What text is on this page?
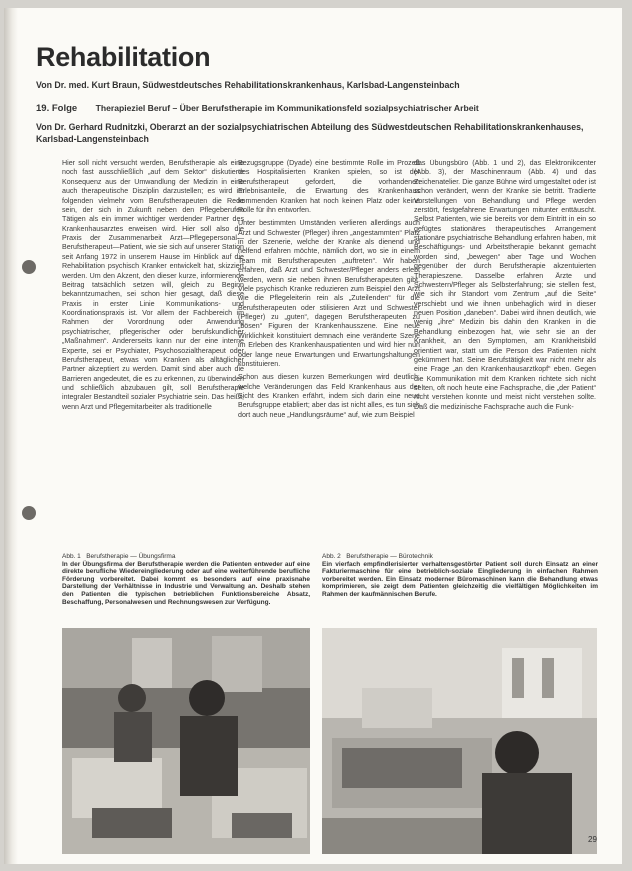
Rehabilitation
Von Dr. med. Kurt Braun, Südwestdeutsches Rehabilitationskrankenhaus, Karlsbad-Langensteinbach
19. Folge Therapieziel Beruf – Über Berufstherapie im Kommunikationsfeld sozialpsychiatrischer Arbeit
Von Dr. Gerhard Rudnitzki, Oberarzt an der sozialpsychiatrischen Abteilung des Südwestdeutschen Rehabilitationskrankenhauses, Karlsbad-Langensteinbach

Hier soll nicht versucht werden, Berufstherapie als eine noch fast ausschließlich „auf dem Sektor“ diskutierte Konsequenz aus der Umwandlung der Medizin in eine auch therapeutische Disziplin darzustellen; es wird im folgenden vielmehr vom Berufstherapeuten die Rede sein, der sich in Zukunft neben den Pflegeberufen Tätigen als ein immer wichtiger werdender Partner des Krankenhausarztes erweisen wird. Hier soll also die Praxis der Zusammenarbeit Arzt—Pflegepersonal—Berufstherapeut—Patient, wie sie sich auf unserer Station seit Anfang 1972 in unserem Hause im Hinblick auf die Rehabilitation psychisch Kranker entwickelt hat, skizziert werden. Um den Akzent, den dieser kurze, informierende Beitrag tatsächlich setzen will, gleich zu Beginn bekanntzumachen, sei schon hier gesagt, daß diese Praxis in erster Linie Kommunikations- und Koordinationspraxis ist. Vor allem der Fachbereich im Rahmen der Vorordnung oder Anwendung psychiatrischer, pflegerischer oder berufskundlicher „Maßnahmen“. Andererseits kann nur der eine interne Experte, sei er Psychiater, Psychosozialtherapeut oder Berufstherapeut, etwas vom Kranken als alltäglicher Partner akzeptiert zu werden. Damit sind aber auch die Barrieren angedeutet, die es zu erkennen, zu überwinden und schließlich abzubauen gilt, soll Berufstherapie integraler Bestandteil sozialer Psychiatrie sein. Das heißt, wenn Arzt und Pflegemitarbeiter als traditionelle

Bezugsgruppe (Dyade) eine bestimmte Rolle im Prozeß des Hospitalisierten Kranken spielen, so ist der Berufstherapeut gefordert, die vorhandenen Erlebnisanteile, die Erwartung des Krankenhaus kommenden Kranken hat noch keinen Platz oder keine Rolle für ihn entworfen.

Unter bestimmten Umständen verlieren allerdings auch Arzt und Schwester (Pfleger) ihren „angestammten“ Platz in der Szenerie, welche der Kranke als dienend und helfend erfahren möchte, nämlich dort, wo sie in einem Team mit Berufstherapeuten „auftreten“. Wir haben erfahren, daß Arzt und Schwester/Pfleger anders erlebt werden, wenn sie neben ihnen Berufstherapeuten gibt. Viele psychisch Kranke reduzieren zum Beispiel den Arzt wie die Pflegeleiterin rein als „Zuteilenden“ für die Berufstherapeuten oder stilisieren Arzt und Schwester (Pfleger) zu „guten“, dagegen Berufstherapeuten zu „bösen“ Figuren der Krankenhausszene. Eine neue Wirklichkeit konstituiert demnach eine veränderte Szene im Erleben des Krankenhauspatienten und wird hier nun oder lange neue Erwartungen und Erwartungshaltungen konstituieren.

Schon aus diesen kurzen Bemerkungen wird deutlich, welche Veränderungen das Feld Krankenhaus aus der Sicht des Kranken erfährt, indem sich darin eine neue Berufsgruppe etabliert; aber das ist nicht alles, es tun sich dort auch neue „Handlungsräume“ auf, wie zum Beispiel

das Übungsbüro (Abb. 1 und 2), das Elektronikcenter (Abb. 3), der Maschinenraum (Abb. 4) und das Zeichenatelier. Die ganze Bühne wird umgestaltet oder ist schon verändert, wenn der Kranke sie betritt. Tradierte Vorstellungen von Behandlung und Pflege werden zerstört, festgefahrene Erwartungen mitunter enttäuscht. Selbst Patienten, wie sie bereits vor dem Eintritt in ein so gefügtes stationäres therapeutisches Arrangement stationäre psychiatrische Behandlung erfahren haben, mit Beschäftigungs- und Arbeitstherapie bekannt gemacht worden sind, „bewegen“ aber Tage und Wochen gegenüber der durch Berufstherapie akzentuierten Therapieszene. Dasselbe erfahren Ärzte und Schwestern/Pfleger als Selbsterfahrung; sie stellen fest, wie sich ihr Standort vom Zentrum „auf die Seite“ verschiebt und wie ihnen unbehaglich wird in dieser neuen Position „daneben“. Dabei wird ihnen deutlich, wie wenig „ihre“ Medizin bis dahin den Kranken in die Behandlung einbezogen hat, wie sehr sie an der Krankheit, an den Symptomen, am Krankheitsbild orientiert war, statt um die Person des Patienten nicht gekümmert hat. Seine Berufstätigkeit war nicht mehr als eine Frage „an den Krankenhausarztkopf“ eben. Gegen die Kommunikation mit dem Kranken richtete sich nicht selten, oft noch heute eine Fachsprache, die „der Patient“ nicht verstehen konnte und meist nicht verstehen sollte. Daß die medizinische Fachsprache auch die Funk-

Abb. 1 Berufstherapie — Übungsfirma
In der Übungsfirma der Berufstherapie werden die Patienten entweder auf eine direkte berufliche Wiedereingliederung oder auf eine weiterführende berufliche Förderung vorbereitet. Dabei kommt es besonders auf eine praxisnahe Darstellung der Verhältnisse in Industrie und Verwaltung an. Deshalb stehen den Patienten die typischen betrieblichen Funktionsbereiche Absatz, Beschaffung, Personalwesen und Rechnungswesen zur Verfügung.
Abb. 2 Berufstherapie — Bürotechnik
Ein vierfach empfindlerisierter verhaltensgestörter Patient soll durch Einsatz an einer Fakturiermaschine für eine betrieblich-soziale Eingliederung in einfachen Rahmen vorbereitet werden. Ein Einsatz moderner Büromaschinen kann die Behandlung etwas komprimieren, sie zeigt dem Patienten gleichzeitig die vielfältigen Möglichkeiten im Rahmen der kaufmännischen Berufe.
29
